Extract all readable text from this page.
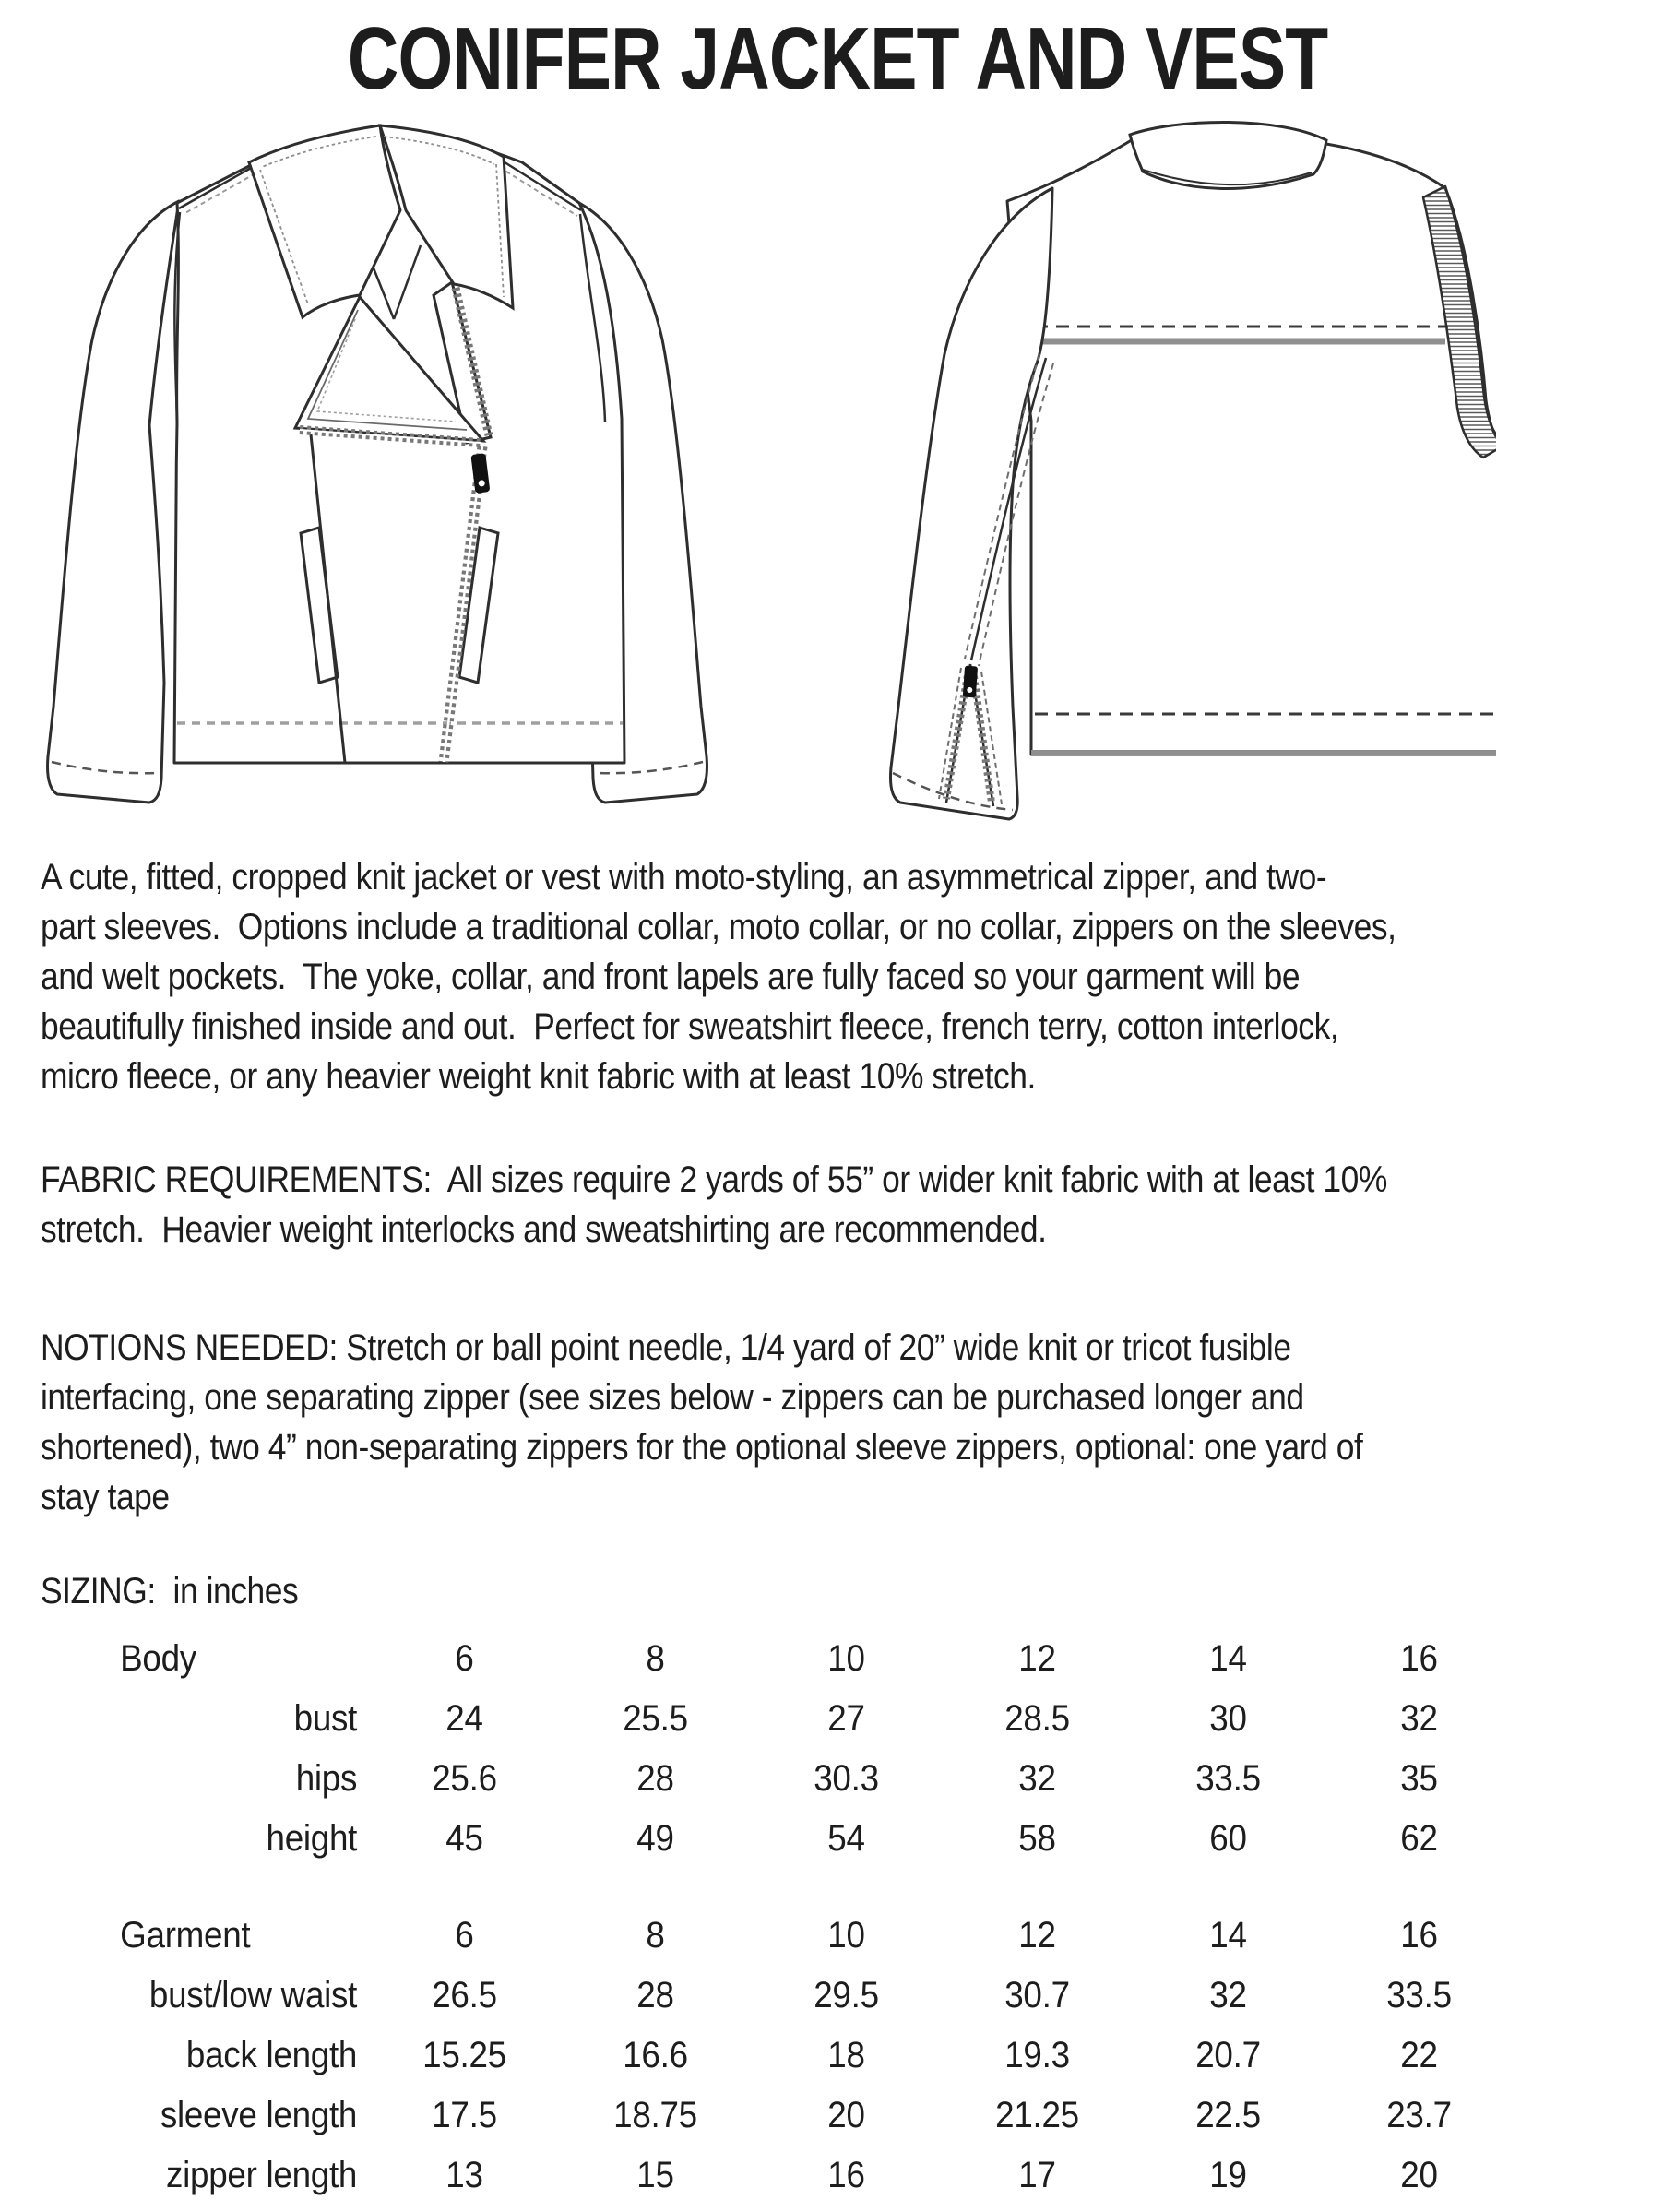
CONIFER JACKET AND VEST
A cute, fitted, cropped knit jacket or vest with moto-styling, an asymmetrical zipper, and two-
part sleeves.  Options include a traditional collar, moto collar, or no collar, zippers on the sleeves,
and welt pockets.  The yoke, collar, and front lapels are fully faced so your garment will be
beautifully finished inside and out.  Perfect for sweatshirt fleece, french terry, cotton interlock,
micro fleece, or any heavier weight knit fabric with at least 10% stretch.
FABRIC REQUIREMENTS:  All sizes require 2 yards of 55” or wider knit fabric with at least 10%
stretch.  Heavier weight interlocks and sweatshirting are recommended.
NOTIONS NEEDED: Stretch or ball point needle, 1/4 yard of 20” wide knit or tricot fusible
interfacing, one separating zipper (see sizes below - zippers can be purchased longer and
shortened), two 4” non-separating zippers for the optional sleeve zippers, optional: one yard of
stay tape
SIZING:  in inches
Body	6	8	10	12	14	16
bust	24	25.5	27	28.5	30	32
hips	25.6	28	30.3	32	33.5	35
height	45	49	54	58	60	62
Garment	6	8	10	12	14	16
bust/low waist	26.5	28	29.5	30.7	32	33.5
back length	15.25	16.6	18	19.3	20.7	22
sleeve length	17.5	18.75	20	21.25	22.5	23.7
zipper length	13	15	16	17	19	20
